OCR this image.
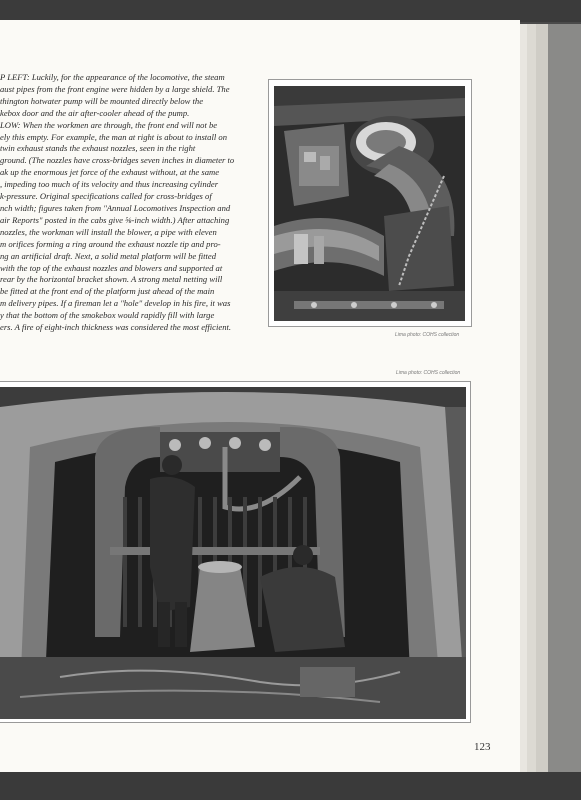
P LEFT: Luckily, for the appearance of the locomotive, the steam

aust pipes from the front engine were hidden by a large shield. The

thington hotwater pump will be mounted directly below the

kebox door and the air after-cooler ahead of the pump.

LOW: When the workmen are through, the front end will not be

ely this empty. For example, the man at right is about to install on

twin exhaust stands the exhaust nozzles, seen in the right

ground. (The nozzles have cross-bridges seven inches in diameter to

ak up the enormous jet force of the exhaust without, at the same

, impeding too much of its velocity and thus increasing cylinder

k-pressure. Original specifications called for cross-bridges of

nch width; figures taken from "Annual Locomotives Inspection and

air Reports" posted in the cabs give ⅝-inch width.) After attaching

nozzles, the workman will install the blower, a pipe with eleven

m orifices forming a ring around the exhaust nozzle tip and pro-

ng an artificial draft. Next, a solid metal platform will be fitted

with the top of the exhaust nozzles and blowers and supported at

rear by the horizontal bracket shown. A strong metal netting will

be fitted at the front end of the platform just ahead of the main

m delivery pipes. If a fireman let a "hole" develop in his fire, it was

y that the bottom of the smokebox would rapidly fill with large

ers. A fire of eight-inch thickness was considered the most efficient.

Lima photo: COHS collection
Lima photo: COHS collection
123
